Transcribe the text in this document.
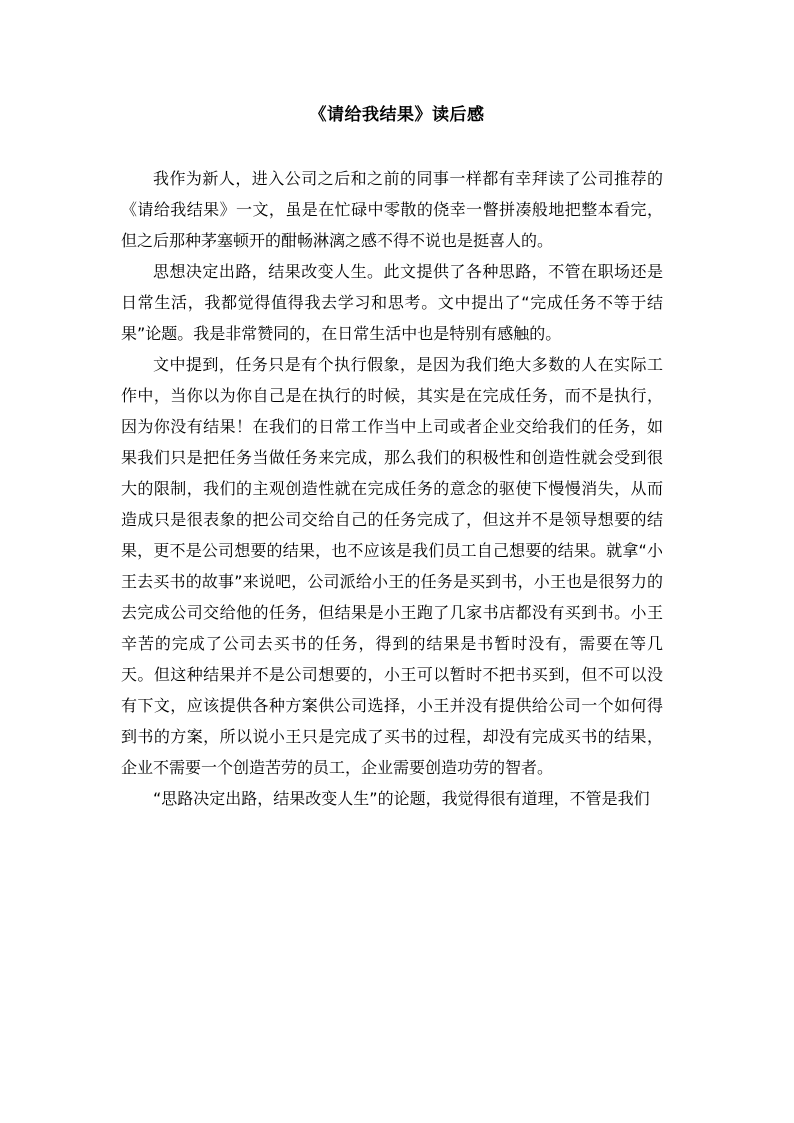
《请给我结果》读后感

我作为新人，进入公司之后和之前的同事一样都有幸拜读了公司推荐的《请给我结果》一文，虽是在忙碌中零散的侥幸一瞥拼凑般地把整本看完，但之后那种茅塞顿开的酣畅淋漓之感不得不说也是挺喜人的。

思想决定出路，结果改变人生。此文提供了各种思路，不管在职场还是日常生活，我都觉得值得我去学习和思考。文中提出了“完成任务不等于结果”论题。我是非常赞同的，在日常生活中也是特别有感触的。

文中提到，任务只是有个执行假象，是因为我们绝大多数的人在实际工作中，当你以为你自己是在执行的时候，其实是在完成任务，而不是执行，因为你没有结果！在我们的日常工作当中上司或者企业交给我们的任务，如果我们只是把任务当做任务来完成，那么我们的积极性和创造性就会受到很大的限制，我们的主观创造性就在完成任务的意念的驱使下慢慢消失，从而造成只是很表象的把公司交给自己的任务完成了，但这并不是领导想要的结果，更不是公司想要的结果，也不应该是我们员工自己想要的结果。就拿“小王去买书的故事”来说吧，公司派给小王的任务是买到书，小王也是很努力的去完成公司交给他的任务，但结果是小王跑了几家书店都没有买到书。小王辛苦的完成了公司去买书的任务，得到的结果是书暂时没有，需要在等几天。但这种结果并不是公司想要的，小王可以暂时不把书买到，但不可以没有下文，应该提供各种方案供公司选择，小王并没有提供给公司一个如何得到书的方案，所以说小王只是完成了买书的过程，却没有完成买书的结果，企业不需要一个创造苦劳的员工，企业需要创造功劳的智者。

“思路决定出路，结果改变人生”的论题，我觉得很有道理，不管是我们
